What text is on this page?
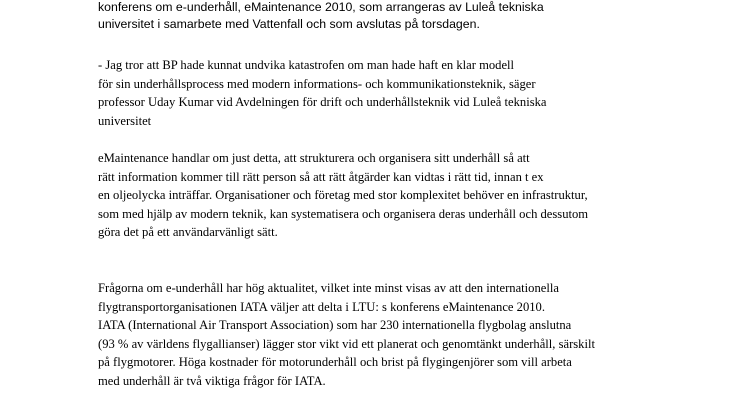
konferens om e-underhåll, eMaintenance 2010, som arrangeras av Luleå tekniska
universitet i samarbete med Vattenfall och som avslutas på torsdagen.

- Jag tror att BP hade kunnat undvika katastrofen om man hade haft en klar modell
för sin underhållsprocess med modern informations- och kommunikationsteknik, säger
professor Uday Kumar vid Avdelningen för drift och underhållsteknik vid Luleå tekniska
universitet

eMaintenance handlar om just detta, att strukturera och organisera sitt underhåll så att
rätt information kommer till rätt person så att rätt åtgärder kan vidtas i rätt tid, innan t ex
en oljeolycka inträffar. Organisationer och företag med stor komplexitet behöver en infrastruktur,
som med hjälp av modern teknik, kan systematisera och organisera deras underhåll och dessutom
göra det på ett användarvänligt sätt.

Frågorna om e-underhåll har hög aktualitet, vilket inte minst visas av att den internationella
flygtransportorganisationen IATA väljer att delta i LTU: s konferens eMaintenance 2010.
IATA (International Air Transport Association) som har 230 internationella flygbolag anslutna
(93 % av världens flygallianser) lägger stor vikt vid ett planerat och genomtänkt underhåll, särskilt
på flygmotorer. Höga kostnader för motorunderhåll och brist på flygingenjörer som vill arbeta
med underhåll är två viktiga frågor för IATA.
